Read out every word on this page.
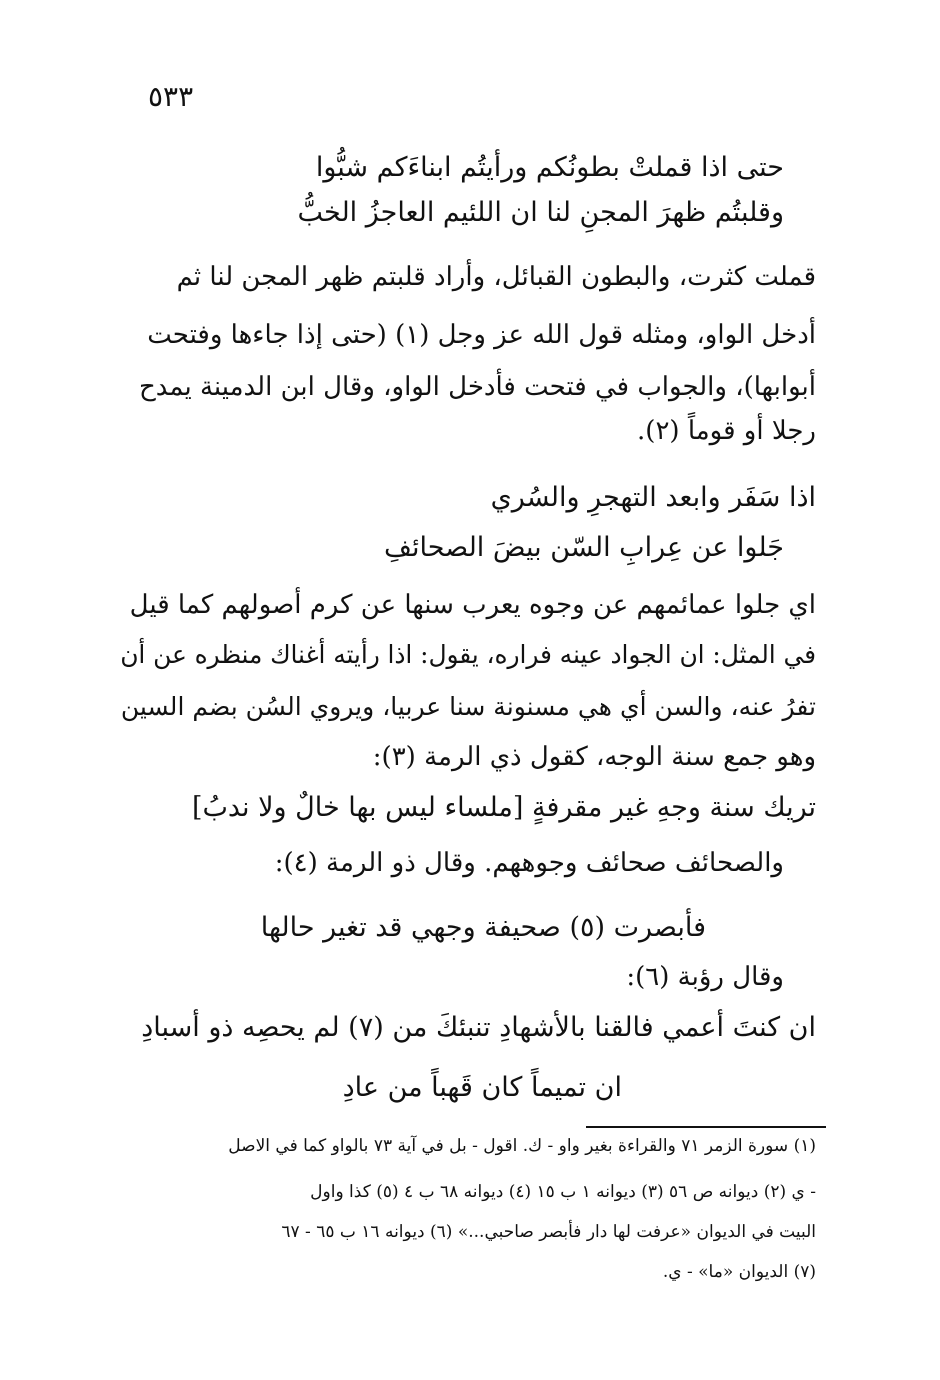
٥٣٣
حتى اذا قملتْ بطونُكم ورأيتُم ابناءَكم شبُّوا
وقلبتُم ظهرَ المجنِ لنا ان اللئيم العاجزُ الخبُّ
قملت كثرت، والبطون القبائل، وأراد قلبتم ظهر المجن لنا ثم
أدخل الواو، ومثله قول الله عز وجل (١) (حتى إذا جاءها وفتحت
أبوابها)، والجواب في فتحت فأدخل الواو، وقال ابن الدمينة يمدح
رجلا أو قوماً (٢).
اذا سَفَر وابعد التهجرِ والسُري
جَلوا عن عِرابِ السّن بيضَ الصحائفِ
اي جلوا عمائمهم عن وجوه يعرب سنها عن كرم أصولهم كما قيل
في المثل: ان الجواد عينه فراره، يقول: اذا رأيته أغناك منظره عن أن
تفرُ عنه، والسن أي هي مسنونة سنا عربيا، ويروي السُن بضم السين
وهو جمع سنة الوجه، كقول ذي الرمة (٣):
تريك سنة وجهِ غير مقرفةٍ [ملساء ليس بها خالٌ ولا ندبُ]
والصحائف صحائف وجوههم. وقال ذو الرمة (٤):
فأبصرت (٥) صحيفة وجهي قد تغير حالها
وقال رؤبة (٦):
ان كنتَ أعمي فالقنا بالأشهادِ تنبئكَ من (٧) لم يحصِه ذو أسبادِ
ان تميماً كان قَهباً من عادِ
(١) سورة الزمر ٧١ والقراءة بغير واو - ك. اقول - بل في آية ٧٣ بالواو كما في الاصل
- ي (٢) ديوانه ص ٥٦ (٣) ديوانه ١ ب ١٥ (٤) ديوانه ٦٨ ب ٤ (٥) كذا واول
البيت في الديوان «عرفت لها دار فأبصر صاحبي...» (٦) ديوانه ١٦ ب ٦٥ - ٦٧
(٧) الديوان «ما» - ي.
